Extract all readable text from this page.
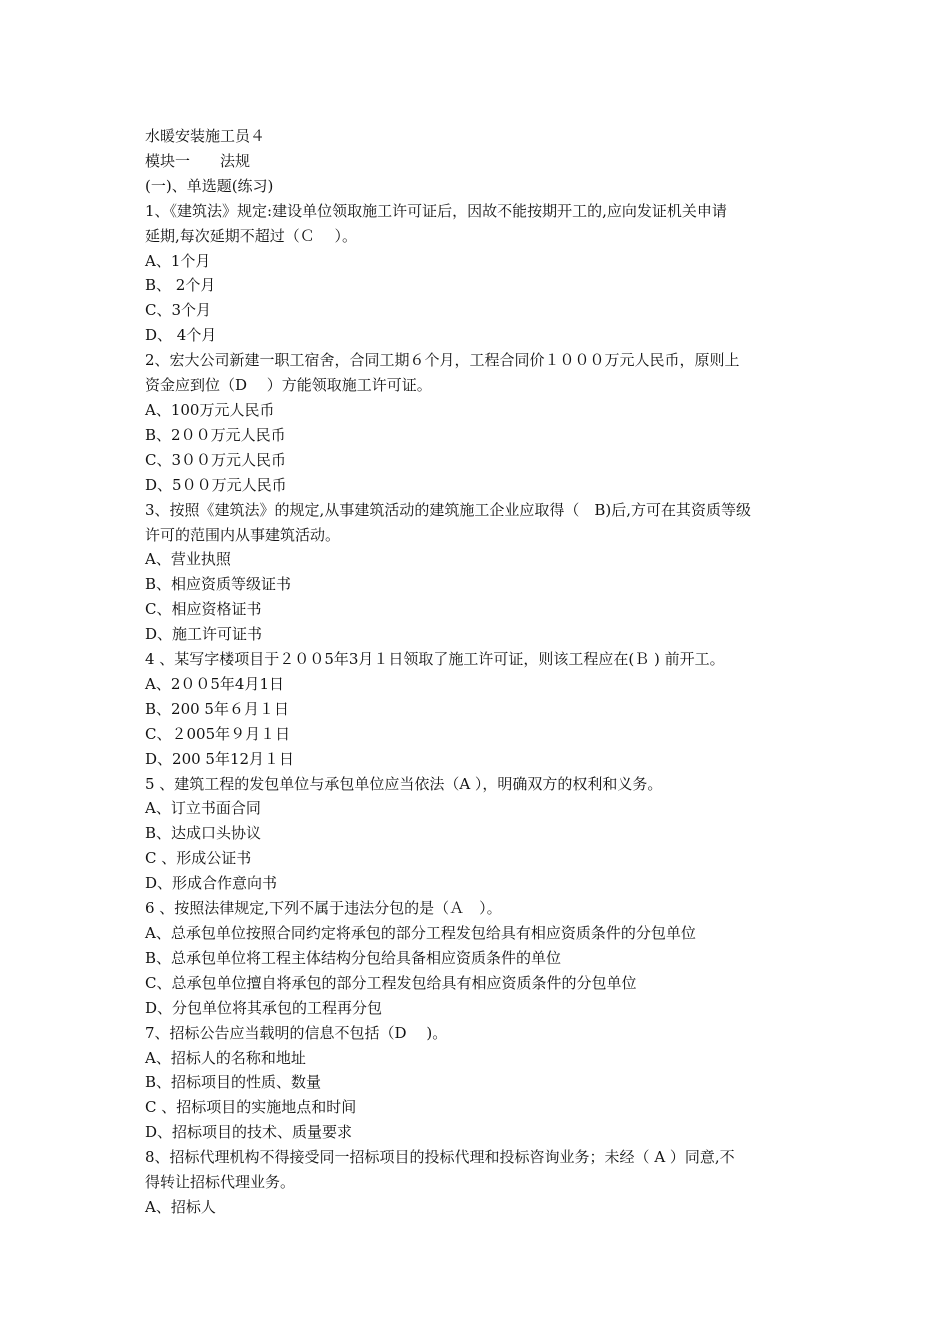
水暖安装施工员４
模块一　　法规
(一)、单选题(练习)
1、《建筑法》规定:建设单位领取施工许可证后，因故不能按期开工的,应向发证机关申请
延期,每次延期不超过（Ｃ　 ）。
A、1个月
B、 2个月
C、3个月
D、 4个月
2、宏大公司新建一职工宿舍，合同工期６个月，工程合同价１０００万元人民币，原则上
资金应到位（D　 ）方能领取施工许可证。
A、100万元人民币
B、2００万元人民币
C、3００万元人民币
D、5００万元人民币
3、按照《建筑法》的规定,从事建筑活动的建筑施工企业应取得（　B)后,方可在其资质等级
许可的范围内从事建筑活动。
A、营业执照
B、相应资质等级证书
C、相应资格证书
D、施工许可证书
4 、某写字楼项目于２００5年3月１日领取了施工许可证，则该工程应在(Ｂ ) 前开工。
A、2００5年4月1日
B、200 5年６月１日
C、２005年９月１日
D、200 5年12月１日
5 、建筑工程的发包单位与承包单位应当依法（A ），明确双方的权利和义务。
A、订立书面合同
B、达成口头协议
C 、形成公证书
D、形成合作意向书
6 、按照法律规定,下列不属于违法分包的是（Ａ　）。
A、总承包单位按照合同约定将承包的部分工程发包给具有相应资质条件的分包单位
B、总承包单位将工程主体结构分包给具备相应资质条件的单位
C、总承包单位擅自将承包的部分工程发包给具有相应资质条件的分包单位
D、分包单位将其承包的工程再分包
7、招标公告应当载明的信息不包括（D　 )。
A、招标人的名称和地址
B、招标项目的性质、数量
C 、招标项目的实施地点和时间
D、招标项目的技术、质量要求
8、招标代理机构不得接受同一招标项目的投标代理和投标咨询业务；未经（ A ）同意,不
得转让招标代理业务。
A、招标人
